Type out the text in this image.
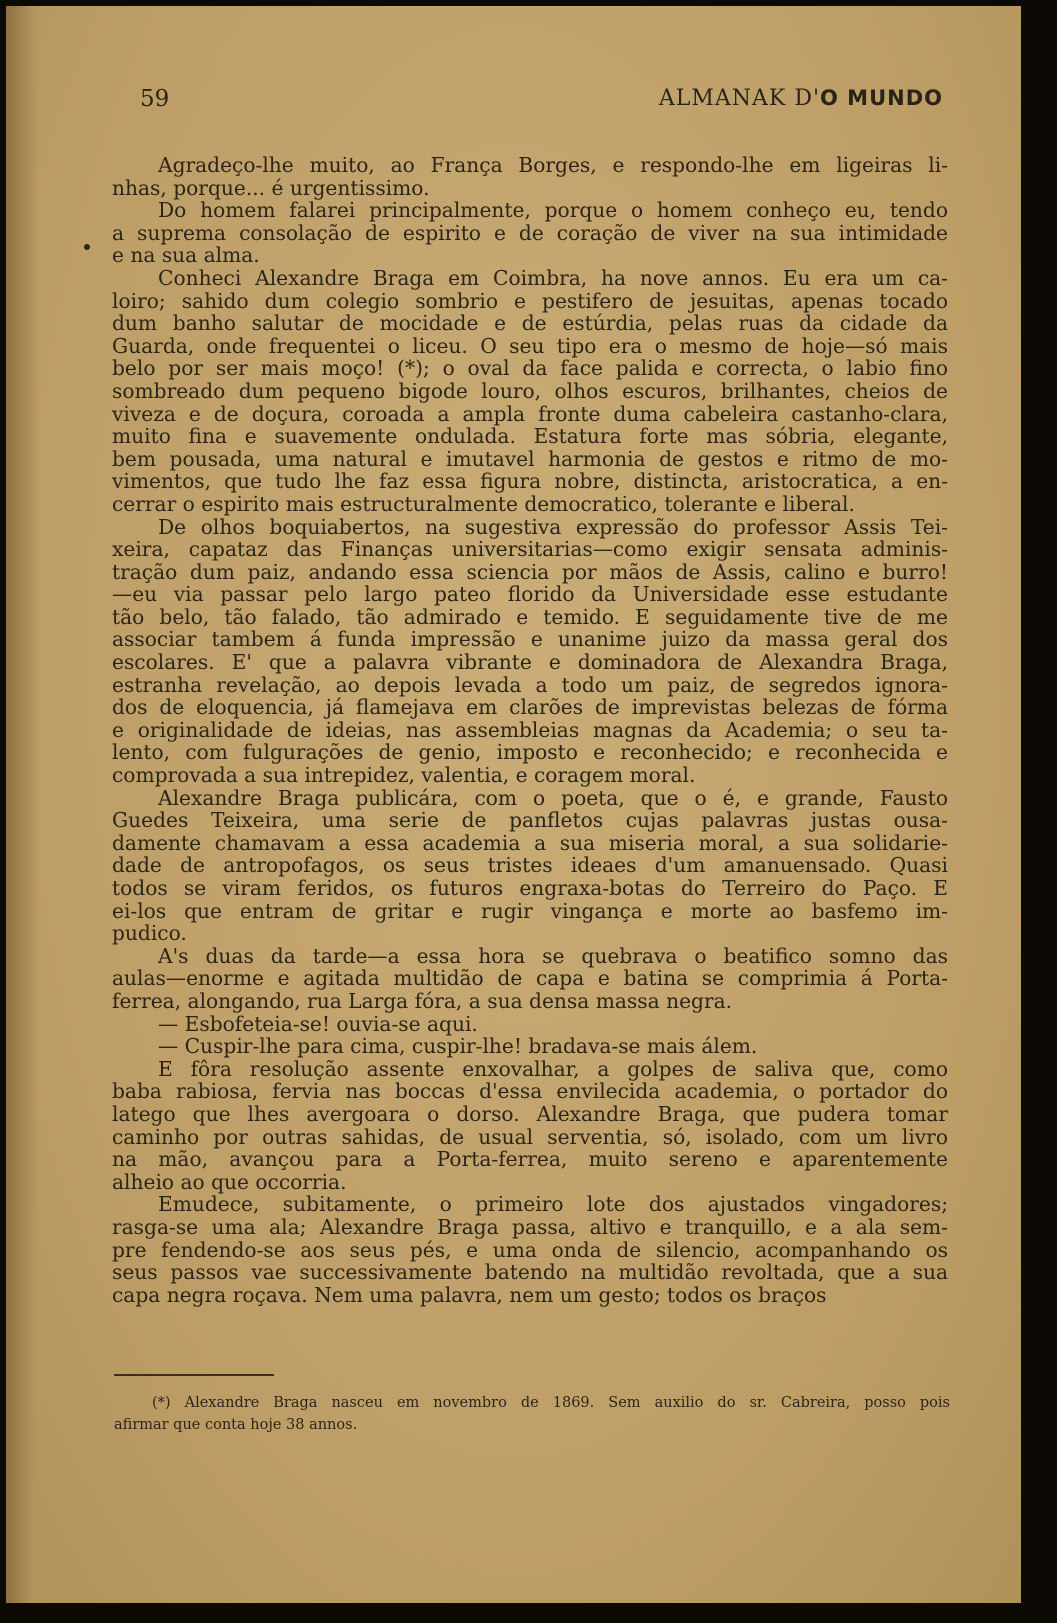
59	ALMANAK D'O MUNDO
Agradeço-lhe muito, ao França Borges, e respondo-lhe em ligeiras li-
nhas, porque... é urgentissimo.
Do homem falarei principalmente, porque o homem conheço eu, tendo
a suprema consolação de espirito e de coração de viver na sua intimidade
e na sua alma.
Conheci Alexandre Braga em Coimbra, ha nove annos. Eu era um ca-
loiro; sahido dum colegio sombrio e pestifero de jesuitas, apenas tocado
dum banho salutar de mocidade e de estúrdia, pelas ruas da cidade da
Guarda, onde frequentei o liceu. O seu tipo era o mesmo de hoje—só mais
belo por ser mais moço! (*); o oval da face palida e correcta, o labio fino
sombreado dum pequeno bigode louro, olhos escuros, brilhantes, cheios de
viveza e de doçura, coroada a ampla fronte duma cabeleira castanho-clara,
muito fina e suavemente ondulada. Estatura forte mas sóbria, elegante,
bem pousada, uma natural e imutavel harmonia de gestos e ritmo de mo-
vimentos, que tudo lhe faz essa figura nobre, distincta, aristocratica, a en-
cerrar o espirito mais estructuralmente democratico, tolerante e liberal.
De olhos boquiabertos, na sugestiva expressão do professor Assis Tei-
xeira, capataz das Finanças universitarias—como exigir sensata adminis-
tração dum paiz, andando essa sciencia por mãos de Assis, calino e burro!
—eu via passar pelo largo pateo florido da Universidade esse estudante
tão belo, tão falado, tão admirado e temido. E seguidamente tive de me
associar tambem á funda impressão e unanime juizo da massa geral dos
escolares. E' que a palavra vibrante e dominadora de Alexandra Braga,
estranha revelação, ao depois levada a todo um paiz, de segredos ignora-
dos de eloquencia, já flamejava em clarões de imprevistas belezas de fórma
e originalidade de ideias, nas assembleias magnas da Academia; o seu ta-
lento, com fulgurações de genio, imposto e reconhecido; e reconhecida e
comprovada a sua intrepidez, valentia, e coragem moral.
Alexandre Braga publicára, com o poeta, que o é, e grande, Fausto
Guedes Teixeira, uma serie de panfletos cujas palavras justas ousa-
damente chamavam a essa academia a sua miseria moral, a sua solidarie-
dade de antropofagos, os seus tristes ideaes d'um amanuensado. Quasi
todos se viram feridos, os futuros engraxa-botas do Terreiro do Paço. E
ei-los que entram de gritar e rugir vingança e morte ao basfemo im-
pudico.
A's duas da tarde—a essa hora se quebrava o beatifico somno das
aulas—enorme e agitada multidão de capa e batina se comprimia á Porta-
ferrea, alongando, rua Larga fóra, a sua densa massa negra.
— Esbofeteia-se! ouvia-se aqui.
— Cuspir-lhe para cima, cuspir-lhe! bradava-se mais álem.
E fôra resolução assente enxovalhar, a golpes de saliva que, como
baba rabiosa, fervia nas boccas d'essa envilecida academia, o portador do
latego que lhes avergoara o dorso. Alexandre Braga, que pudera tomar
caminho por outras sahidas, de usual serventia, só, isolado, com um livro
na mão, avançou para a Porta-ferrea, muito sereno e aparentemente
alheio ao que occorria.
Emudece, subitamente, o primeiro lote dos ajustados vingadores;
rasga-se uma ala; Alexandre Braga passa, altivo e tranquillo, e a ala sem-
pre fendendo-se aos seus pés, e uma onda de silencio, acompanhando os
seus passos vae successivamente batendo na multidão revoltada, que a sua
capa negra roçava. Nem uma palavra, nem um gesto; todos os braços
(*) Alexandre Braga nasceu em novembro de 1869. Sem auxilio do sr. Cabreira, posso pois
afirmar que conta hoje 38 annos.
